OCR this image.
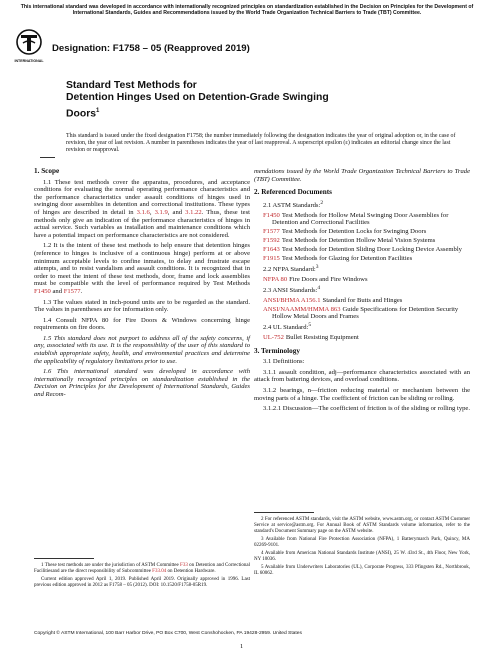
This international standard was developed in accordance with internationally recognized principles on standardization established in the Decision on Principles for the Development of International Standards, Guides and Recommendations issued by the World Trade Organization Technical Barriers to Trade (TBT) Committee.
INTERNATIONAL
Designation: F1758 – 05 (Reapproved 2019)
Standard Test Methods for
Detention Hinges Used on Detention-Grade Swinging
Doors$^1$
This standard is issued under the fixed designation F1758; the number immediately following the designation indicates the year of original adoption or, in the case of revision, the year of last revision. A number in parentheses indicates the year of last reapproval. A superscript epsilon (ε) indicates an editorial change since the last revision or reapproval.
1. Scope

1.1 These test methods cover the apparatus, procedures, and acceptance conditions for evaluating the normal operating performance characteristics and the performance characteristics under assault conditions of hinges used in swinging door assemblies in detention and correctional institutions. These types of hinges are described in detail in 3.1.6, 3.1.9, and 3.1.22. Thus, these test methods only give an indication of the performance characteristics of hinges in actual service. Such variables as installation and maintenance conditions which have a potential impact on performance characteristics are not considered.

1.2 It is the intent of these test methods to help ensure that detention hinges (reference to hinges is inclusive of a continuous hinge) perform at or above minimum acceptable levels to confine inmates, to delay and frustrate escape attempts, and to resist vandalism and assault conditions. It is recognized that in order to meet the intent of these test methods, door, frame and lock assemblies must be compatible with the level of performance required by Test Methods F1450 and F1577.

1.3 The values stated in inch-pound units are to be regarded as the standard. The values in parentheses are for information only.

1.4 Consult NFPA 80 for Fire Doors & Windows concerning hinge requirements on fire doors.

1.5 This standard does not purport to address all of the safety concerns, if any, associated with its use. It is the responsibility of the user of this standard to establish appropriate safety, health, and environmental practices and determine the applicability of regulatory limitations prior to use.

1.6 This international standard was developed in accordance with internationally recognized principles on standardization established in the Decision on Principles for the Development of International Standards, Guides and Recom-

1 These test methods are under the jurisdiction of ASTM Committee F33 on Detention and Correctional Facilitiesand are the direct responsibility of Subcommittee F33.04 on Detention Hardware.

Current edition approved April 1, 2019. Published April 2019. Originally approved in 1996. Last previous edition approved in 2012 as F1758 – 05 (2012). DOI: 10.1520/F1758-05R19.

mendations issued by the World Trade Organization Technical Barriers to Trade (TBT) Committee.

2. Referenced Documents
2.1 ASTM Standards:$^2$
F1450 Test Methods for Hollow Metal Swinging Door Assemblies for Detention and Correctional Facilities
F1577 Test Methods for Detention Locks for Swinging Doors
F1592 Test Methods for Detention Hollow Metal Vision Systems
F1643 Test Methods for Detention Sliding Door Locking Device Assembly
F1915 Test Methods for Glazing for Detention Facilities
2.2 NFPA Standard:$^3$
NFPA 80 Fire Doors and Fire Windows
2.3 ANSI Standards:$^4$
ANSI/BHMA A156.1 Standard for Butts and Hinges
ANSI/NAAMM/HMMA 863 Guide Specifications for Detention Security Hollow Metal Doors and Frames
2.4 UL Standard:$^5$
UL-752 Bullet Resisting Equipment
3. Terminology

3.1 Definitions:

3.1.1 assault condition, adj—performance characteristics associated with an attack from battering devices, and overload conditions.

3.1.2 bearings, n—friction reducing material or mechanism between the moving parts of a hinge. The coefficient of friction can be sliding or rolling.

3.1.2.1 Discussion—The coefficient of friction is of the sliding or rolling type.

2 For referenced ASTM standards, visit the ASTM website, www.astm.org, or contact ASTM Customer Service at service@astm.org. For Annual Book of ASTM Standards volume information, refer to the standard's Document Summary page on the ASTM website.

3 Available from National Fire Protection Association (NFPA), 1 Batterymarch Park, Quincy, MA 02269-9101.

4 Available from American National Standards Institute (ANSI), 25 W. 43rd St., 4th Floor, New York, NY 10036.

5 Available from Underwriters Laboratories (UL), Corporate Progress, 333 Pfingsten Rd., Northbrook, IL 60062.

Copyright © ASTM International, 100 Barr Harbor Drive, PO Box C700, West Conshohocken, PA 19428-2959. United States
1
